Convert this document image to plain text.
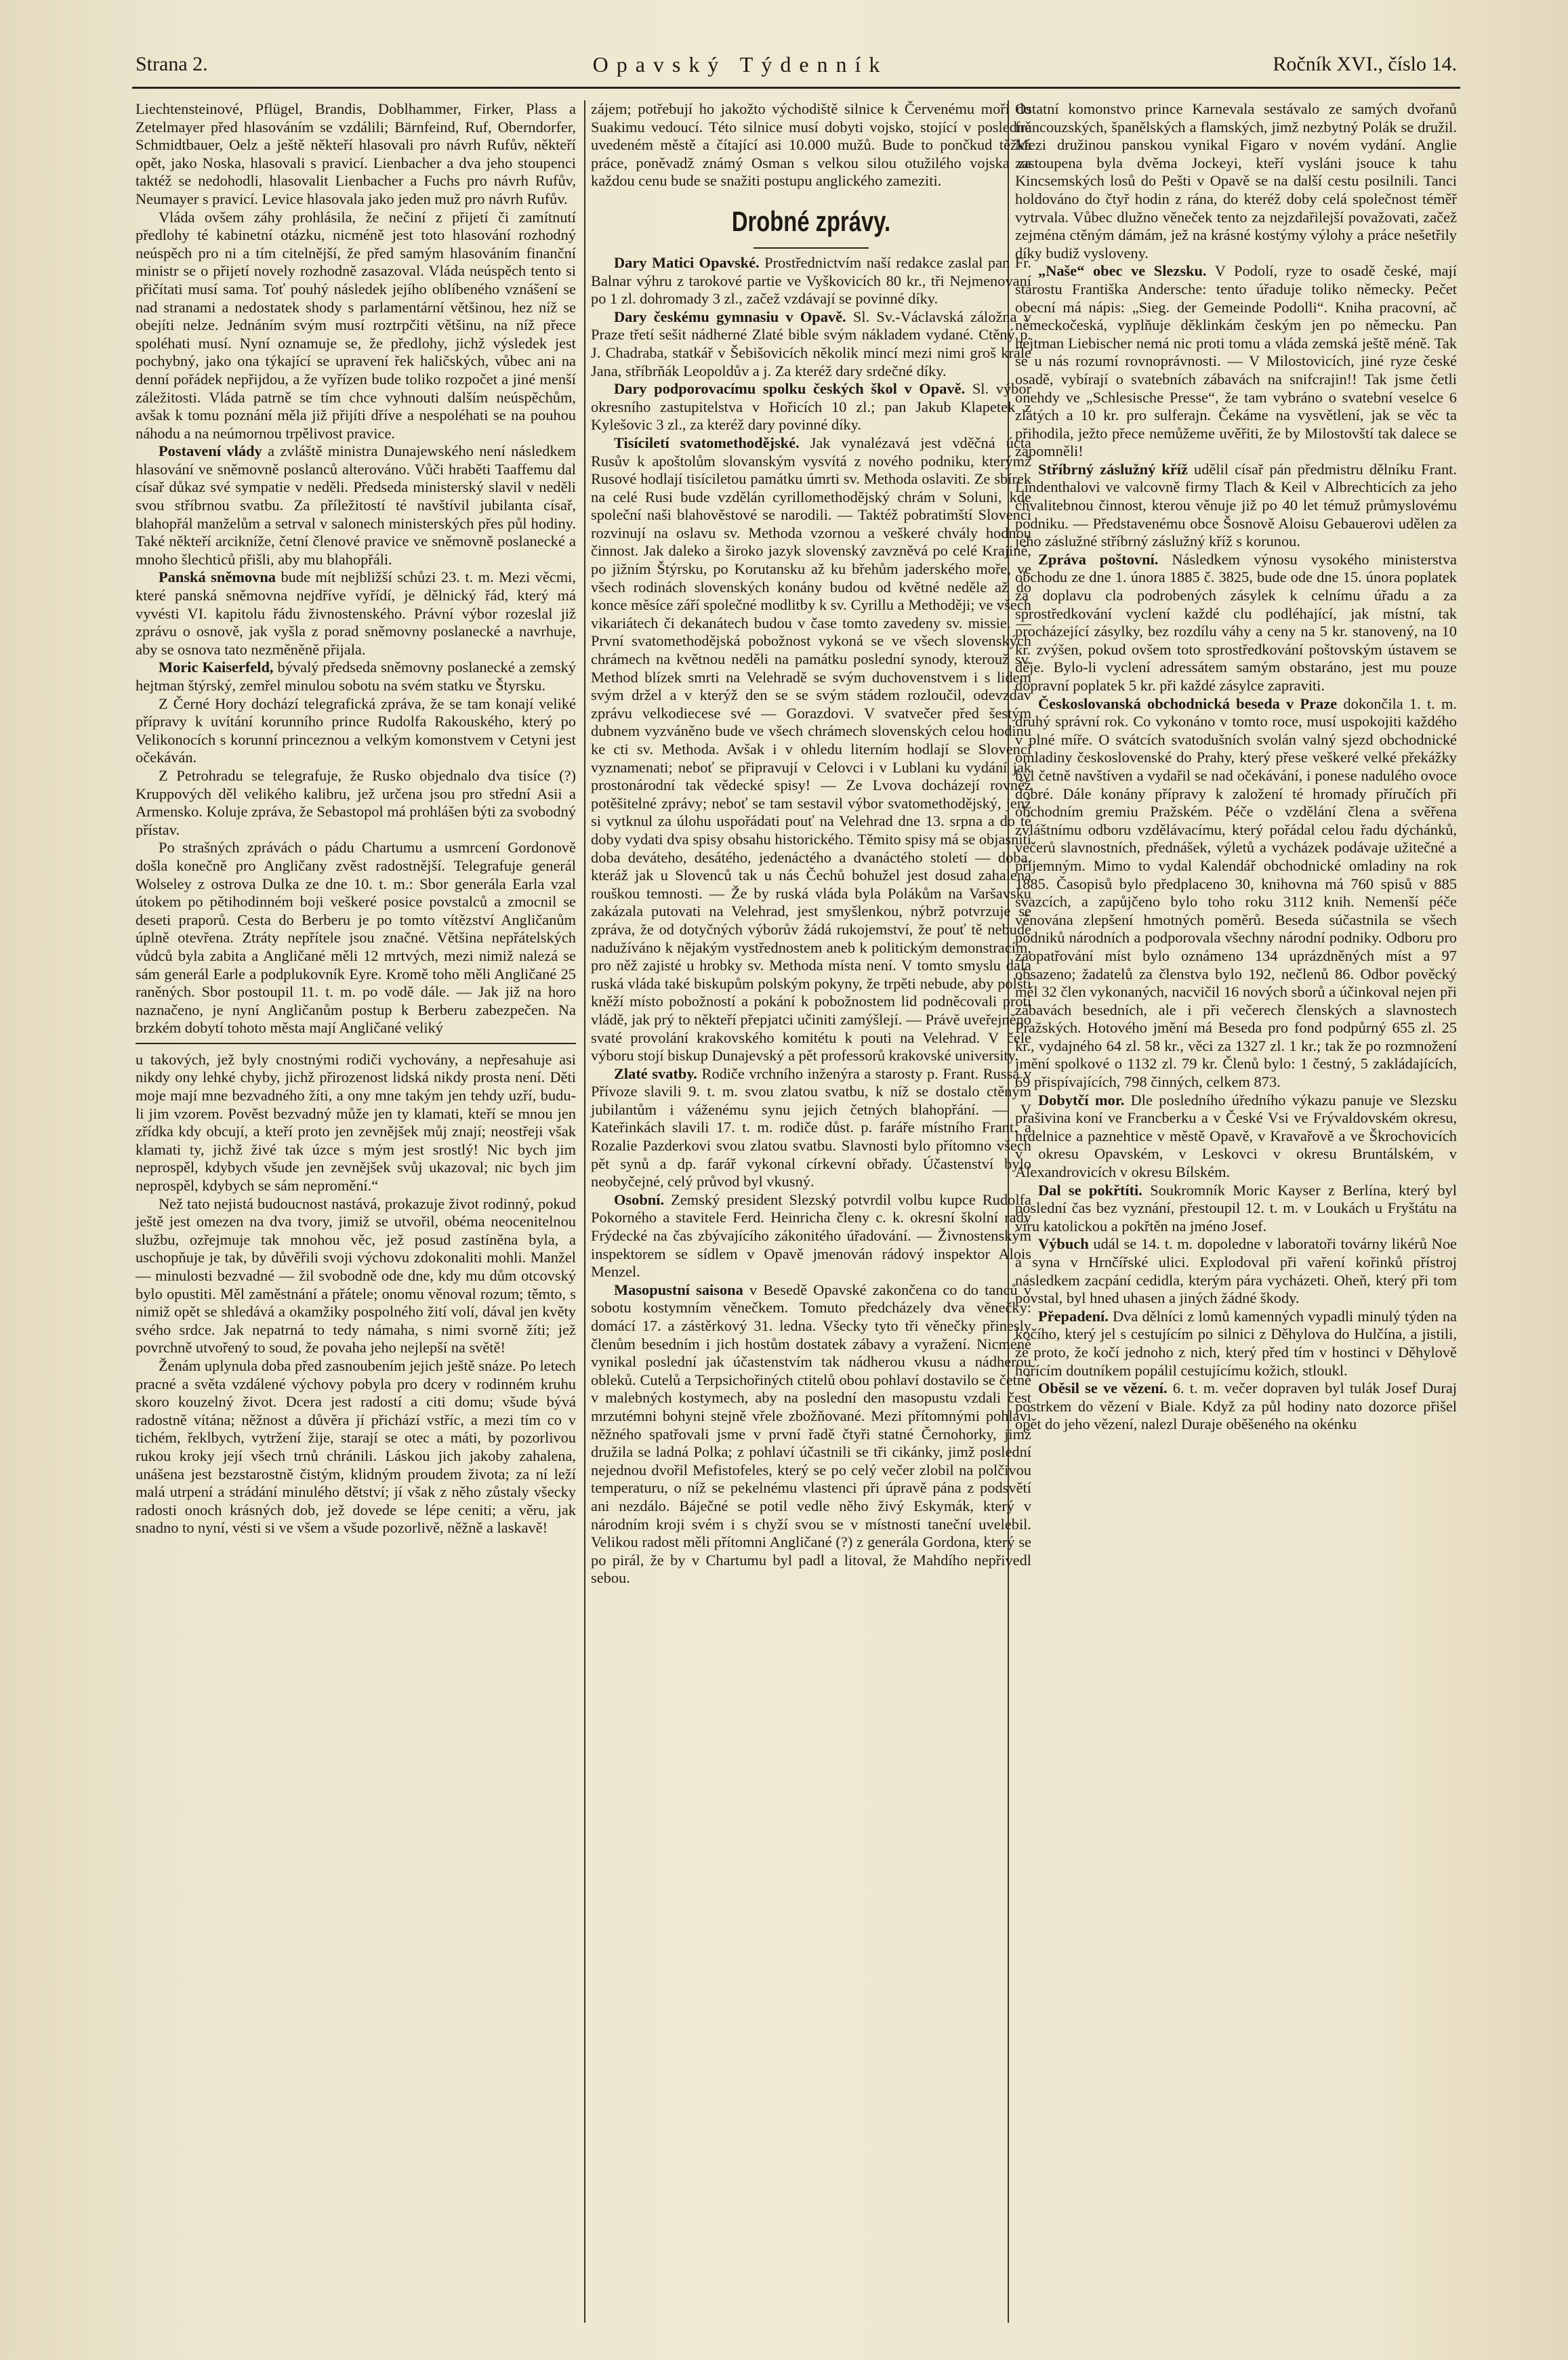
Strana 2.	Opavský Týdenník	Ročník XVI., číslo 14.

Liechtensteinové, Pflügel, Brandis, Doblhammer, Firker, Plass a Zetelmayer před hlasováním se vzdálili; Bärnfeind, Ruf, Oberndorfer, Schmidtbauer, Oelz a ještě někteří hlasovali pro návrh Rufův, někteří opět, jako Noska, hlasovali s pravicí. Lienbacher a dva jeho stoupenci taktéž se nedohodli, hlasovalit Lienbacher a Fuchs pro návrh Rufův, Neumayer s pravicí. Levice hlasovala jako jeden muž pro návrh Rufův.

Vláda ovšem záhy prohlásila, že nečiní z přijetí či zamítnutí předlohy té kabinetní otázku, nicméně jest toto hlasování rozhodný neúspěch pro ni a tím citelnější, že před samým hlasováním finanční ministr se o přijetí novely rozhodně zasazoval. Vláda neúspěch tento si přičítati musí sama. Toť pouhý následek jejího oblíbeného vznášení se nad stranami a nedostatek shody s parlamentární většinou, hez níž se obejíti nelze. Jednáním svým musí roztrpčiti většinu, na níž přece spoléhati musí. Nyní oznamuje se, že předlohy, jichž výsledek jest pochybný, jako ona týkající se upravení řek haličských, vůbec ani na denní pořádek nepřijdou, a že vyřízen bude toliko rozpočet a jiné menší záležitosti. Vláda patrně se tím chce vyhnouti dalším neúspěchům, avšak k tomu poznání měla již přijíti dříve a nespoléhati se na pouhou náhodu a na neúmornou trpělivost pravice.

Postavení vlády a zvláště ministra Dunajewského není následkem hlasování ve sněmovně poslanců alterováno. Vůči hraběti Taaffemu dal císař důkaz své sympatie v neděli. Předseda ministerský slavil v neděli svou stříbrnou svatbu. Za příležitostí té navštívil jubilanta císař, blahopřál manželům a setrval v salonech ministerských přes půl hodiny. Také někteří arcikníže, četní členové pravice ve sněmovně poslanecké a mnoho šlechticů přišli, aby mu blahopřáli.

Panská sněmovna bude mít nejbližší schůzi 23. t. m. Mezi věcmi, které panská sněmovna nejdříve vyřídí, je dělnický řád, který má vyvésti VI. kapitolu řádu živnostenského. Právní výbor rozeslal již zprávu o osnově, jak vyšla z porad sněmovny poslanecké a navrhuje, aby se osnova tato nezměněně přijala.

Moric Kaiserfeld, bývalý předseda sněmovny poslanecké a zemský hejtman štýrský, zemřel minulou sobotu na svém statku ve Štyrsku.

Z Černé Hory dochází telegrafická zpráva, že se tam konají veliké přípravy k uvítání korunního prince Rudolfa Rakouského, který po Velikonocích s korunní princeznou a velkým komonstvem v Cetyni jest očekáván.

Z Petrohradu se telegrafuje, že Rusko objednalo dva tisíce (?) Kruppových děl velikého kalibru, jež určena jsou pro střední Asii a Armensko. Koluje zpráva, že Sebastopol má prohlášen býti za svobodný přístav.

Po strašných zprávách o pádu Chartumu a usmrcení Gordonově došla konečně pro Angličany zvěst radostnější. Telegrafuje generál Wolseley z ostrova Dulka ze dne 10. t. m.: Sbor generála Earla vzal útokem po pětihodinném boji veškeré posice povstalců a zmocnil se deseti praporů. Cesta do Berberu je po tomto vítězství Angličanům úplně otevřena. Ztráty nepřítele jsou značné. Většina nepřátelských vůdců byla zabita a Angličané měli 12 mrtvých, mezi nimiž nalezá se sám generál Earle a podplukovník Eyre. Kromě toho měli Angličané 25 raněných. Sbor postoupil 11. t. m. po vodě dále. — Jak již na horo naznačeno, je nyní Angličanům postup k Berberu zabezpečen. Na brzkém dobytí tohoto města mají Angličané veliký

u takových, jež byly cnostnými rodiči vychovány, a nepřesahuje asi nikdy ony lehké chyby, jichž přirozenost lidská nikdy prosta není. Děti moje mají mne bezvadného žíti, a ony mne takým jen tehdy uzří, budu-li jim vzorem. Pověst bezvadný může jen ty klamati, kteří se mnou jen zřídka kdy obcují, a kteří proto jen zevnějšek můj znají; neostřeji však klamati ty, jichž živé tak úzce s mým jest srostlý! Nic bych jim neprospěl, kdybych všude jen zevnějšek svůj ukazoval; nic bych jim neprospěl, kdybych se sám nepromění.“

Než tato nejistá budoucnost nastává, prokazuje život rodinný, pokud ještě jest omezen na dva tvory, jimiž se utvořil, obéma neocenitelnou službu, ozřejmuje tak mnohou věc, jež posud zastíněna byla, a uschopňuje je tak, by důvěřili svoji výchovu zdokonaliti mohli. Manžel — minulosti bezvadné — žil svobodně ode dne, kdy mu dům otcovský bylo opustiti. Měl zaměstnání a přátele; onomu věnoval rozum; těmto, s nimiž opět se shledává a okamžiky pospolného žití volí, dával jen květy svého srdce. Jak nepatrná to tedy námaha, s nimi svorně žíti; jež povrchně utvořený to soud, že povaha jeho nejlepší na světě!

Ženám uplynula doba před zasnoubením jejich ještě snáze. Po letech pracné a světa vzdálené výchovy pobyla pro dcery v rodinném kruhu skoro kouzelný život. Dcera jest radostí a citi domu; všude bývá radostně vítána; něžnost a důvěra jí přichází vstříc, a mezi tím co v tichém, řeklbych, vytržení žije, starají se otec a máti, by pozorlivou rukou kroky její všech trnů chránili. Láskou jich jakoby zahalena, unášena jest bezstarostně čistým, klidným proudem života; za ní leží malá utrpení a strádání minulého dětství; jí však z něho zůstaly všecky radosti onoch krásných dob, jež dovede se lépe ceniti; a věru, jak snadno to nyní, vésti si ve všem a všude pozorlivě, něžně a laskavě!

zájem; potřebují ho jakožto východiště silnice k Červenému moři do Suakimu vedoucí. Této silnice musí dobyti vojsko, stojící v posledně uvedeném městě a čítající asi 10.000 mužů. Bude to pončkud těžká práce, poněvadž známý Osman s velkou silou otužilého vojska za každou cenu bude se snažiti postupu anglického zameziti.

Drobné zprávy.

Dary Matici Opavské. Prostřednictvím naší redakce zaslal pan Fr. Balnar výhru z tarokové partie ve Vyškovicích 80 kr., tři Nejmenovaní po 1 zl. dohromady 3 zl., začež vzdávají se povinné díky.

Dary českému gymnasiu v Opavě. Sl. Sv.-Václavská záložna v Praze třetí sešit nádherné Zlaté bible svým nákladem vydané. Ctěný p. J. Chadraba, statkář v Šebišovicích několik mincí mezi nimi groš krále Jana, stříbrňák Leopoldův a j. Za kteréž dary srdečné díky.

Dary podporovacímu spolku českých škol v Opavě. Sl. výbor okresního zastupitelstva v Hořicích 10 zl.; pan Jakub Klapetek z Kylešovic 3 zl., za kteréž dary povinné díky.

Tisíciletí svatomethodějské. Jak vynalézavá jest vděčná úcta Rusův k apoštolům slovanským vysvítá z nového podniku, kterýmž Rusové hodlají tisíciletou památku úmrti sv. Methoda oslaviti. Ze sbírek na celé Rusi bude vzdělán cyrillomethodějský chrám v Soluni, kde společní naši blahověstové se narodili. — Taktéž pobratimští Slovenci rozvinují na oslavu sv. Methoda vzornou a veškeré chvály hodnou činnost. Jak daleko a široko jazyk slovenský zavzněvá po celé Krajině, po jižním Štýrsku, po Korutansku až ku břehům jaderského moře, ve všech rodinách slovenských konány budou od květné neděle až do konce měsíce září společné modlitby k sv. Cyrillu a Methoději; ve všech vikariátech či dekanátech budou v čase tomto zavedeny sv. missie. — První svatomethodějská pobožnost vykoná se ve všech slovenských chrámech na květnou neděli na památku poslední synody, kterouž sv. Method blízek smrti na Velehradě se svým duchovenstvem i s lidem svým držel a v kterýž den se se svým stádem rozloučil, odevzdav zprávu velkodiecese své — Gorazdovi. V svatvečer před šestým dubnem vyzváněno bude ve všech chrámech slovenských celou hodinu ke cti sv. Methoda. Avšak i v ohledu literním hodlají se Slovenci vyznamenati; neboť se připravují v Celovci i v Lublani ku vydání jak prostonárodní tak vědecké spisy! — Ze Lvova docházejí rovněž potěšitelné zprávy; neboť se tam sestavil výbor svatomethodějský, jenž si vytknul za úlohu uspořádati pouť na Velehrad dne 13. srpna a do té doby vydati dva spisy obsahu historického. Těmito spisy má se objasniti doba deváteho, desátého, jedenáctého a dvanáctého století — doba, kteráž jak u Slovenců tak u nás Čechů bohužel jest dosud zahalena rouškou temnosti. — Že by ruská vláda byla Polákům na Varšavsku zakázala putovati na Velehrad, jest smyšlenkou, nýbrž potvrzuje se zpráva, že od dotyčných výborův žádá rukojemství, že pouť tě nebude nadužíváno k nějakým vystřednostem aneb k politickým demonstracím, pro něž zajisté u hrobky sv. Methoda místa není. V tomto smyslu dala ruská vláda také biskupům polským pokyny, že trpěti nebude, aby polští kněží místo pobožností a pokání k pobožnostem lid podněcovali proti vládě, jak prý to někteří přepjatci učiniti zamýšlejí. — Právě uveřejněno svaté provolání krakovského komitétu k pouti na Velehrad. V čele výboru stojí biskup Dunajevský a pět professorů krakovské university.

Zlaté svatby. Rodiče vrchního inženýra a starosty p. Frant. Russa v Přívoze slavili 9. t. m. svou zlatou svatbu, k níž se dostalo ctěným jubilantům i váženému synu jejich četných blahopřání. — V Kateřinkách slavili 17. t. m. rodiče důst. p. faráře místního Frant. a Rozalie Pazderkovi svou zlatou svatbu. Slavnosti bylo přítomno všech pět synů a dp. farář vykonal církevní obřady. Účastenství bylo neobyčejné, celý průvod byl vkusný.

Osobní. Zemský president Slezský potvrdil volbu kupce Rudolfa Pokorného a stavitele Ferd. Heinricha členy c. k. okresní školní rady Frýdecké na čas zbývajícího zákonitého úřadování. — Živnostenským inspektorem se sídlem v Opavě jmenován rádový inspektor Alois Menzel.

Masopustní saisona v Besedě Opavské zakončena co do tanců v sobotu kostymním věnečkem. Tomuto předcházely dva věnečky: domácí 17. a zástěrkový 31. ledna. Všecky tyto tři věnečky přinesly členům besedním i jich hostům dostatek zábavy a vyražení. Nicméně vynikal poslední jak účastenstvím tak nádherou vkusu a nádherou obleků. Cutelů a Terpsichořiných ctitelů obou pohlaví dostavilo se četně v malebných kostymech, aby na poslední den masopustu vzdali čest mrzutémni bohyni stejně vřele zbožňované. Mezi přítomnými pohlaví něžného spatřovali jsme v první řadě čtyři statné Černohorky, jimž družila se ladná Polka; z pohlaví účastnili se tři cikánky, jimž poslední nejednou dvořil Mefistofeles, který se po celý večer zlobil na polčivou temperaturu, o níž se pekelnému vlastenci při úpravě pána z podsvětí ani nezdálo. Báječné se potil vedle něho živý Eskymák, který v národním kroji svém i s chyží svou se v místnosti taneční uvelebil. Velikou radost měli přítomni Angličané (?) z generála Gordona, který se po pirál, že by v Chartumu byl padl a litoval, že Mahdího nepřivedl sebou.

Ostatní komonstvo prince Karnevala sestávalo ze samých dvořanů francouzských, španělských a flamských, jimž nezbytný Polák se družil. Mezi družinou panskou vynikal Figaro v novém vydání. Anglie zastoupena byla dvěma Jockeyi, kteří vysláni jsouce k tahu Kincsemských losů do Pešti v Opavě se na další cestu posilnili. Tanci holdováno do čtyř hodin z rána, do kteréž doby celá společnost téměř vytrvala. Vůbec dlužno věneček tento za nejzdařilejší považovati, začež zejména ctěným dámám, jež na krásné kostýmy výlohy a práce nešetřily díky budiž vysloveny.

„Naše“ obec ve Slezsku. V Podolí, ryze to osadě české, mají starostu Františka Andersche: tento úřaduje toliko německy. Pečet obecní má nápis: „Sieg. der Gemeinde Podolli“. Kniha pracovní, ač německočeská, vyplňuje děklinkám českým jen po německu. Pan hejtman Liebischer nemá nic proti tomu a vláda zemská ještě méně. Tak se u nás rozumí rovnoprávnosti. — V Milostovicích, jiné ryze české osadě, vybírají o svatebních zábavách na snifcrajin!! Tak jsme četli onehdy ve „Schlesische Presse“, že tam vybráno o svatební veselce 6 zlatých a 10 kr. pro sulferajn. Čekáme na vysvětlení, jak se věc ta přihodila, ježto přece nemůžeme uvěřiti, že by Milostovští tak dalece se zapomněli!

Stříbrný záslužný kříž udělil císař pán předmistru dělníku Frant. Lindenthalovi ve valcovně firmy Tlach & Keil v Albrechticích za jeho chvalitebnou činnost, kterou věnuje již po 40 let témuž průmyslovému podniku. — Představenému obce Šosnově Aloisu Gebauerovi udělen za jeho záslužné stříbrný záslužný kříž s korunou.

Zpráva poštovní. Následkem výnosu vysokého ministerstva obchodu ze dne 1. února 1885 č. 3825, bude ode dne 15. února poplatek za doplavu cla podrobených zásylek k celnímu úřadu a za sprostředkování vyclení každé clu podléhající, jak místní, tak procházející zásylky, bez rozdílu váhy a ceny na 5 kr. stanovený, na 10 kr. zvýšen, pokud ovšem toto sprostředkování poštovským ústavem se děje. Bylo-li vyclení adressátem samým obstaráno, jest mu pouze dopravní poplatek 5 kr. při každé zásylce zapraviti.

Českoslovanská obchodnická beseda v Praze dokončila 1. t. m. druhý správní rok. Co vykonáno v tomto roce, musí uspokojiti každého v plné míře. O svátcích svatodušních svolán valný sjezd obchodnické omladiny československé do Prahy, který přese veškeré velké překážky byl četně navštíven a vydařil se nad očekávání, i ponese nadulého ovoce dobré. Dále konány přípravy k založení té hromady příručích při obchodním gremiu Pražském. Péče o vzdělání člena a svěřena zvláštnímu odboru vzdělávacímu, který pořádal celou řadu dýchánků, večerů slavnostních, přednášek, výletů a vycházek podávaje užitečné a příjemným. Mimo to vydal Kalendář obchodnické omladiny na rok 1885. Časopisů bylo předplaceno 30, knihovna má 760 spisů v 885 svazcích, a zapůjčeno bylo toho roku 3112 knih. Nemenší péče věnována zlepšení hmotných poměrů. Beseda súčastnila se všech podniků národních a podporovala všechny národní podniky. Odboru pro zaopatřování míst bylo oznámeno 134 uprázdněných míst a 97 obsazeno; žadatelů za členstva bylo 192, nečlenů 86. Odbor pověcký měl 32 člen vykonaných, nacvičil 16 nových sborů a účinkoval nejen při zábavách besedních, ale i při večerech členských a slavnostech Pražských. Hotového jmění má Beseda pro fond podpůrný 655 zl. 25 kr., vydajného 64 zl. 58 kr., věci za 1327 zl. 1 kr.; tak že po rozmnožení jmění spolkové o 1132 zl. 79 kr. Členů bylo: 1 čestný, 5 zakládajících, 69 přispívajících, 798 činných, celkem 873.

Dobytčí mor. Dle posledního úředního výkazu panuje ve Slezsku prašivina koní ve Francberku a v České Vsi ve Frývaldovském okresu, hrdelnice a paznehtice v městě Opavě, v Kravařově a ve Škrochovicích v okresu Opavském, v Leskovci v okresu Bruntálském, v Alexandrovicích v okresu Bílském.

Dal se pokřtíti. Soukromník Moric Kayser z Berlína, který byl poslední čas bez vyznání, přestoupil 12. t. m. v Loukách u Fryštátu na víru katolickou a pokřtěn na jméno Josef.

Výbuch udál se 14. t. m. dopoledne v laboratoři továrny likérů Noe a syna v Hrnčířské ulici. Explodoval při vaření kořinků přístroj následkem zacpání cedidla, kterým pára vycházeti. Oheň, který při tom povstal, byl hned uhasen a jiných žádné škody.

Přepadení. Dva dělníci z lomů kamenných vypadli minulý týden na kočího, který jel s cestujícím po silnici z Děhylova do Hulčína, a jistili, že proto, že kočí jednoho z nich, který před tím v hostinci v Děhylově hořícím doutníkem popálil cestujícímu kožich, stloukl.

Oběsil se ve vězení. 6. t. m. večer dopraven byl tulák Josef Duraj postrkem do vězení v Biale. Když za půl hodiny nato dozorce přišel opět do jeho vězení, nalezl Duraje oběšeného na okénku
